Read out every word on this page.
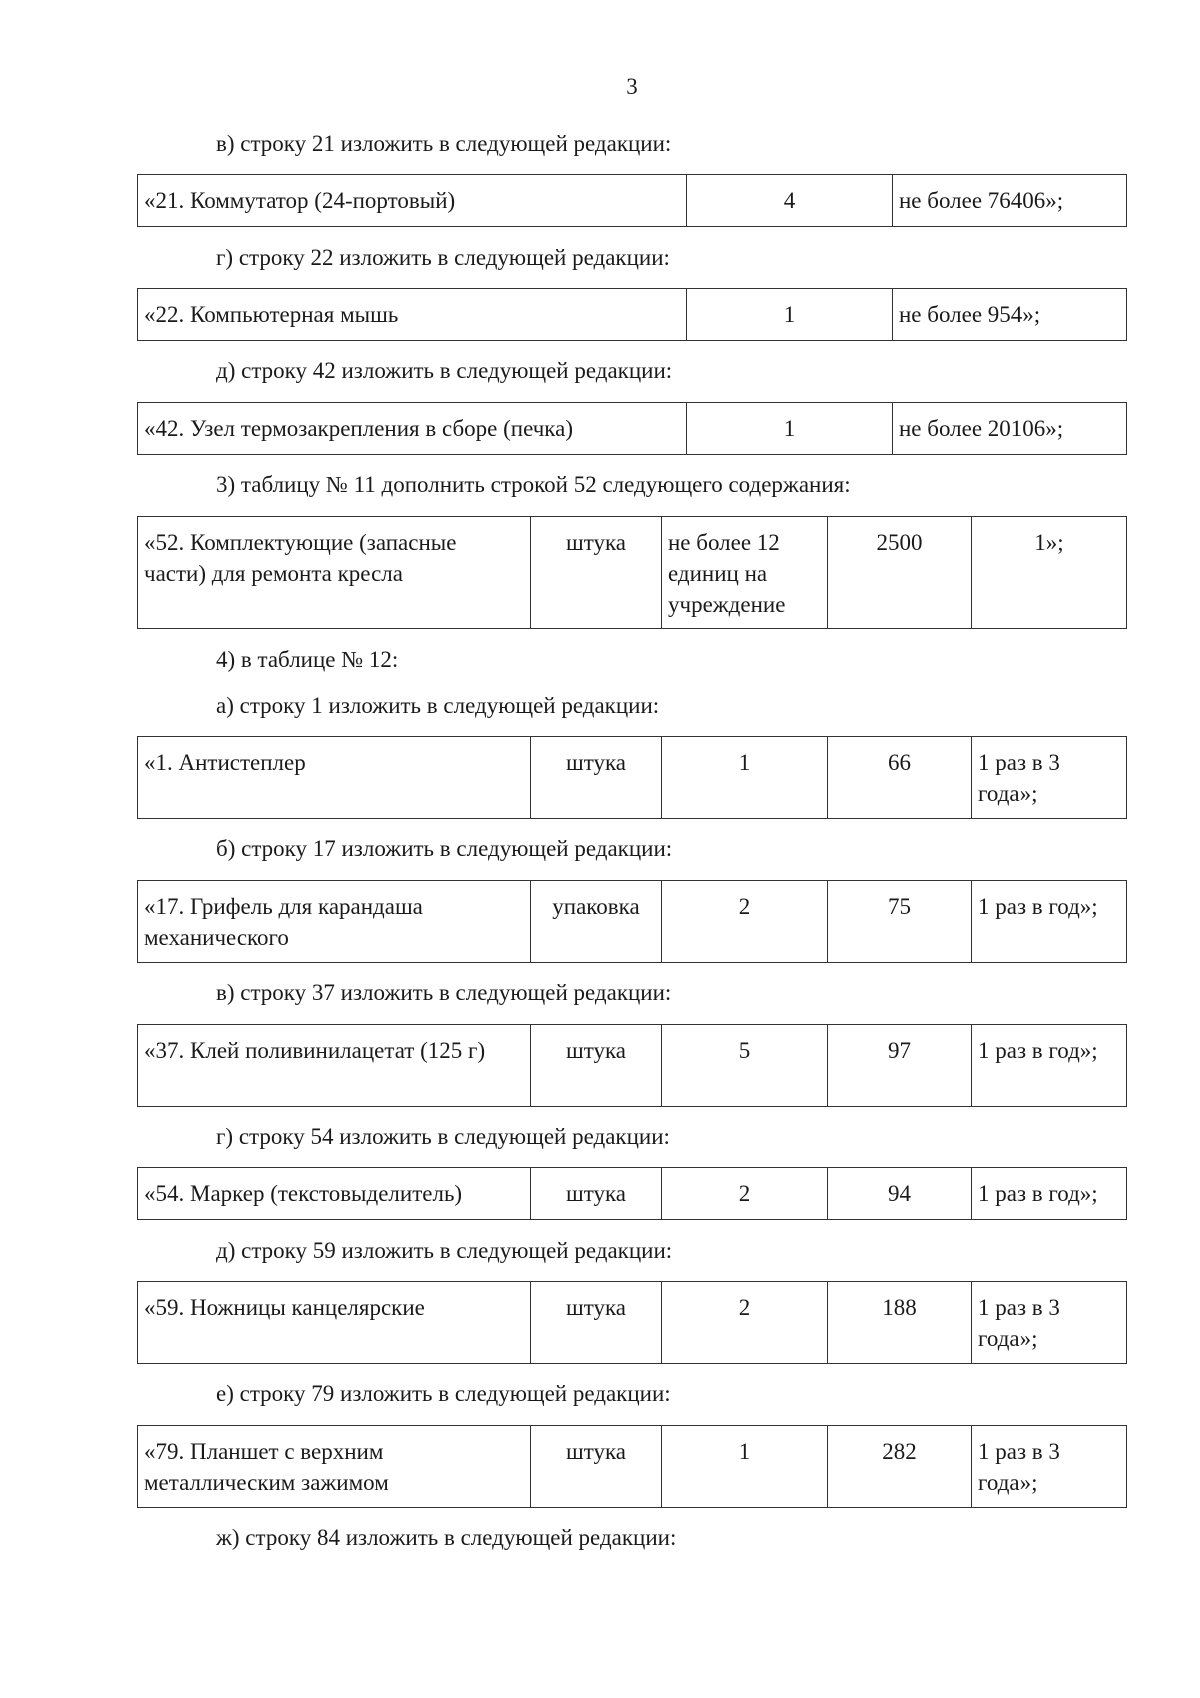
3
в) строку 21 изложить в следующей редакции:
«21. Коммутатор (24-портовый)	4	не более 76406»;
г) строку 22 изложить в следующей редакции:
«22. Компьютерная мышь	1	не более 954»;
д) строку 42 изложить в следующей редакции:
«42. Узел термозакрепления в сборе (печка)	1	не более 20106»;
3) таблицу № 11 дополнить строкой 52 следующего содержания:
«52. Комплектующие (запасные части) для ремонта кресла	штука	не более 12 единиц на учреждение	2500	1»;
4) в таблице № 12:
а) строку 1 изложить в следующей редакции:
«1. Антистеплер	штука	1	66	1 раз в 3 года»;
б) строку 17 изложить в следующей редакции:
«17. Грифель для карандаша механического	упаковка	2	75	1 раз в год»;
в) строку 37 изложить в следующей редакции:
«37. Клей поливинилацетат (125 г)	штука	5	97	1 раз в год»;
г) строку 54 изложить в следующей редакции:
«54. Маркер (текстовыделитель)	штука	2	94	1 раз в год»;
д) строку 59 изложить в следующей редакции:
«59. Ножницы канцелярские	штука	2	188	1 раз в 3 года»;
е) строку 79 изложить в следующей редакции:
«79. Планшет с верхним металлическим зажимом	штука	1	282	1 раз в 3 года»;
ж) строку 84 изложить в следующей редакции:
